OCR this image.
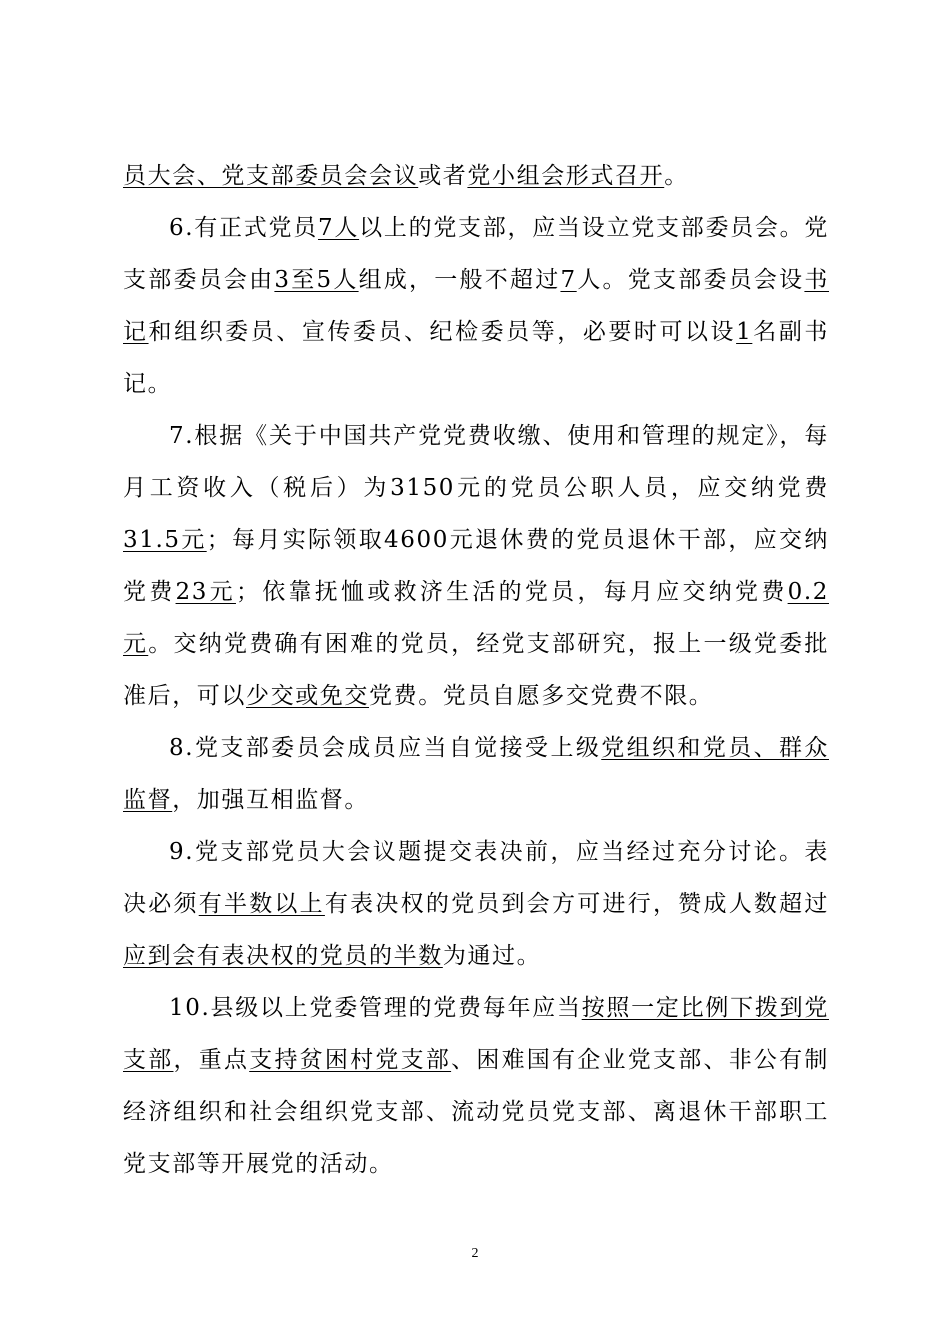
员大会、党支部委员会会议或者党小组会形式召开。

6.有正式党员7人以上的党支部，应当设立党支部委员会。党支部委员会由3至5人组成，一般不超过7人。党支部委员会设书记和组织委员、宣传委员、纪检委员等，必要时可以设1名副书记。

7.根据《关于中国共产党党费收缴、使用和管理的规定》，每月工资收入（税后）为3150元的党员公职人员，应交纳党费31.5元；每月实际领取4600元退休费的党员退休干部，应交纳党费23元；依靠抚恤或救济生活的党员，每月应交纳党费0.2元。交纳党费确有困难的党员，经党支部研究，报上一级党委批准后，可以少交或免交党费。党员自愿多交党费不限。

8.党支部委员会成员应当自觉接受上级党组织和党员、群众监督，加强互相监督。

9.党支部党员大会议题提交表决前，应当经过充分讨论。表决必须有半数以上有表决权的党员到会方可进行，赞成人数超过应到会有表决权的党员的半数为通过。

10.县级以上党委管理的党费每年应当按照一定比例下拨到党支部，重点支持贫困村党支部、困难国有企业党支部、非公有制经济组织和社会组织党支部、流动党员党支部、离退休干部职工党支部等开展党的活动。

2
